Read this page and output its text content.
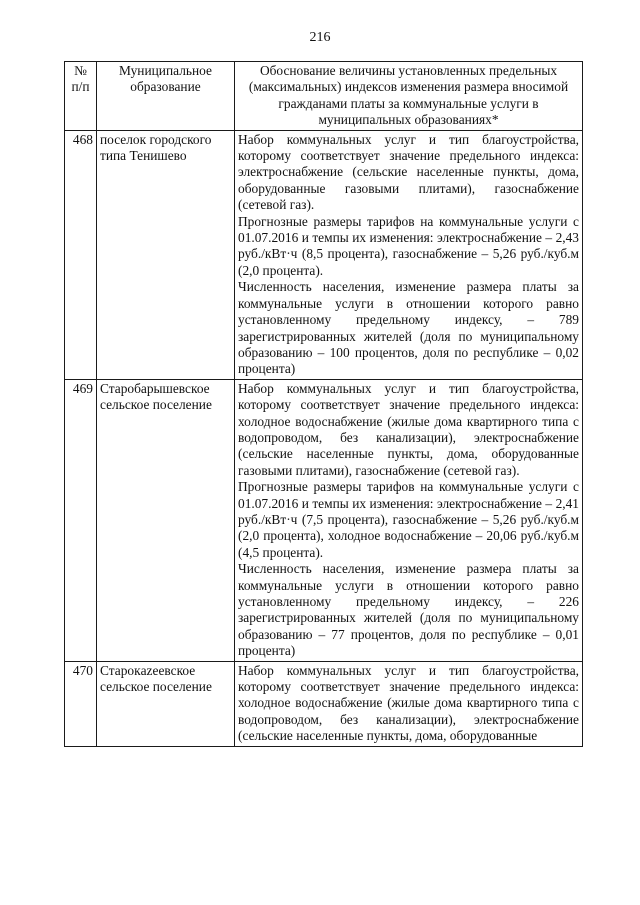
216
№ п/п	Муниципальное образование	Обоснование величины установленных предельных (максимальных) индексов изменения размера вносимой гражданами платы за коммунальные услуги в муниципальных образованиях*
468	поселок городского типа Тенишево	Набор коммунальных услуг и тип благоустройства, которому соответствует значение предельного индекса: электроснабжение (сельские населенные пункты, дома, оборудованные газовыми плитами), газоснабжение (сетевой газ).

Прогнозные размеры тарифов на коммунальные услуги с 01.07.2016 и темпы их изменения: электроснабжение – 2,43 руб./кВт·ч (8,5 процента), газоснабжение – 5,26 руб./куб.м (2,0 процента).

Численность населения, изменение размера платы за коммунальные услуги в отношении которого равно установленному предельному индексу, – 789 зарегистрированных жителей (доля по муниципальному образованию – 100 процентов, доля по республике – 0,02 процента)

469	Старобарышевское сельское поселение	Набор коммунальных услуг и тип благоустройства, которому соответствует значение предельного индекса: холодное водоснабжение (жилые дома квартирного типа с водопроводом, без канализации), электроснабжение (сельские населенные пункты, дома, оборудованные газовыми плитами), газоснабжение (сетевой газ).

Прогнозные размеры тарифов на коммунальные услуги с 01.07.2016 и темпы их изменения: электроснабжение – 2,41 руб./кВт·ч (7,5 процента), газоснабжение – 5,26 руб./куб.м (2,0 процента), холодное водоснабжение – 20,06 руб./куб.м (4,5 процента).

Численность населения, изменение размера платы за коммунальные услуги в отношении которого равно установленному предельному индексу, – 226 зарегистрированных жителей (доля по муниципальному образованию – 77 процентов, доля по республике – 0,01 процента)

470	Старокazеевское сельское поселение	Набор коммунальных услуг и тип благоустройства, которому соответствует значение предельного индекса: холодное водоснабжение (жилые дома квартирного типа с водопроводом, без канализации), электроснабжение (сельские населенные пункты, дома, оборудованные
